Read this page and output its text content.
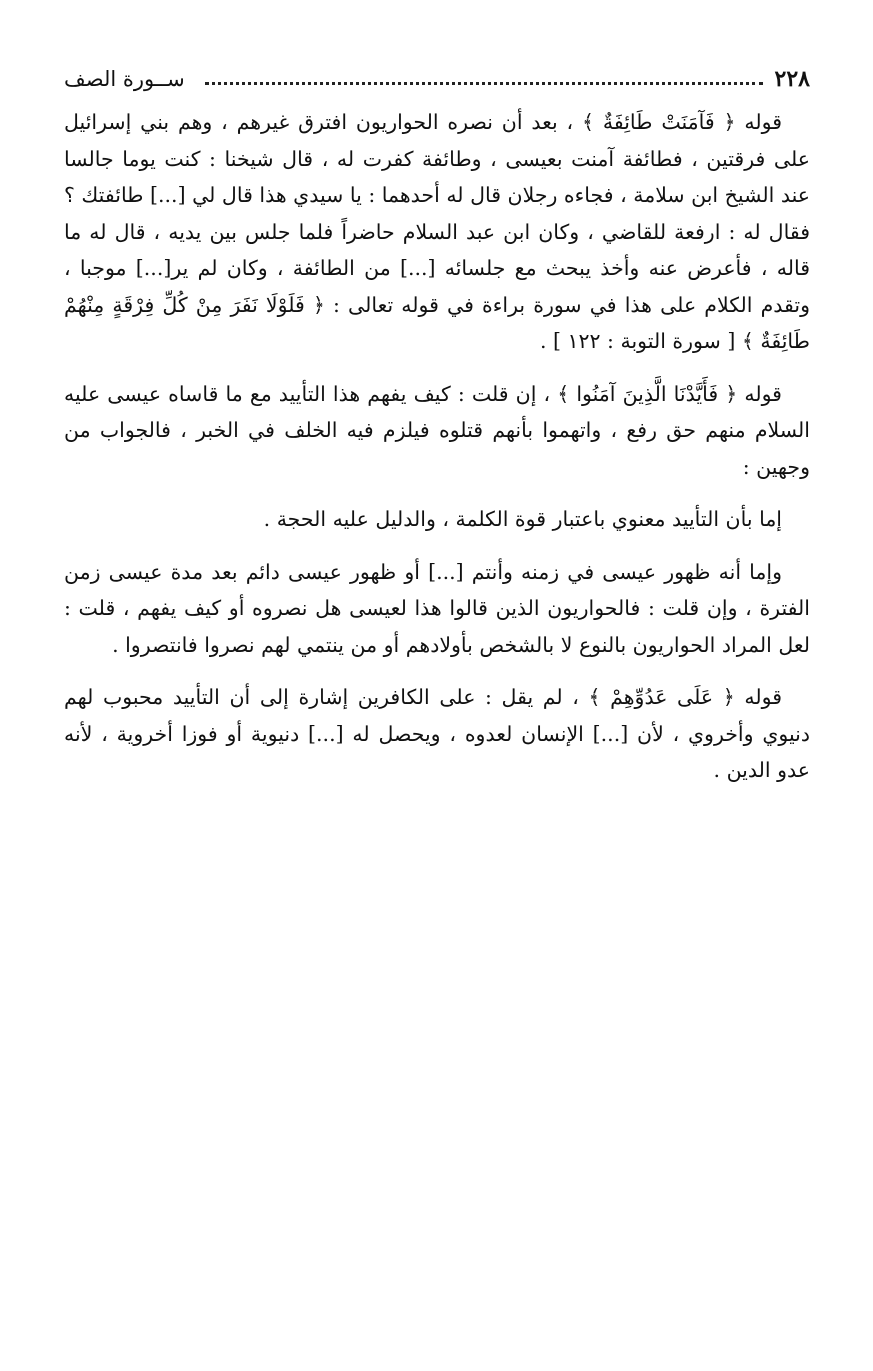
٢٢٨
ســورة الصف

قوله ﴿ فَآمَنَتْ طَائِفَةٌ ﴾ ، بعد أن نصره الحواريون افترق غيرهم ، وهم بني إسرائيل على فرقتين ، فطائفة آمنت بعيسى ، وطائفة كفرت له ، قال شيخنا : كنت يوما جالسا عند الشيخ ابن سلامة ، فجاءه رجلان قال له أحدهما : يا سيدي هذا قال لي [...] طائفتك ؟ فقال له : ارفعة للقاضي ، وكان ابن عبد السلام حاضراً فلما جلس بين يديه ، قال له ما قاله ، فأعرض عنه وأخذ يبحث مع جلسائه [...] من الطائفة ، وكان لم ير[...] موجبا ، وتقدم الكلام على هذا في سورة براءة في قوله تعالى : ﴿ فَلَوْلَا نَفَرَ مِنْ كُلِّ فِرْقَةٍ مِنْهُمْ طَائِفَةٌ ﴾ [ سورة التوبة : ١٢٢ ] .

قوله ﴿ فَأَيَّدْنَا الَّذِينَ آمَنُوا ﴾ ، إن قلت : كيف يفهم هذا التأييد مع ما قاساه عيسى عليه السلام منهم حق رفع ، واتهموا بأنهم قتلوه فيلزم فيه الخلف في الخبر ، فالجواب من وجهين :

إما بأن التأييد معنوي باعتبار قوة الكلمة ، والدليل عليه الحجة .

وإما أنه ظهور عيسى في زمنه وأنتم [...] أو ظهور عيسى دائم بعد مدة عيسى زمن الفترة ، وإن قلت : فالحواريون الذين قالوا هذا لعيسى هل نصروه أو كيف يفهم ، قلت : لعل المراد الحواريون بالنوع لا بالشخص بأولادهم أو من ينتمي لهم نصروا فانتصروا .

قوله ﴿ عَلَى عَدُوِّهِمْ ﴾ ، لم يقل : على الكافرين إشارة إلى أن التأييد محبوب لهم دنيوي وأخروي ، لأن [...] الإنسان لعدوه ، ويحصل له [...] دنيوية أو فوزا أخروية ، لأنه عدو الدين .
